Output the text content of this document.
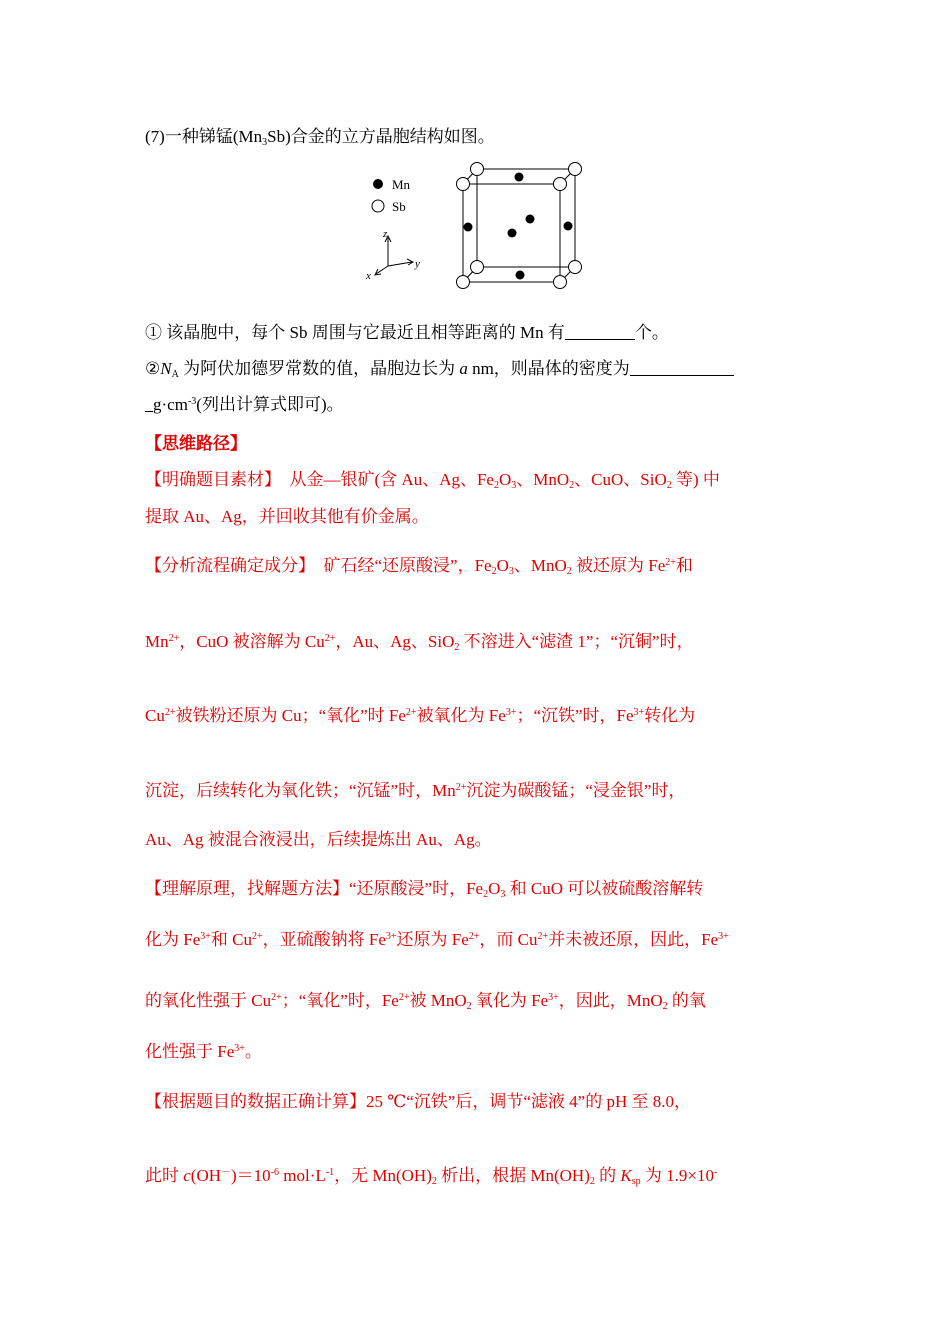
(7)一种锑锰$(Mn_3Sb)$合金的立方晶胞结构如图。
Mn
Sb
z
y
x
① 该晶胞中，每个 Sb 周围与它最近且相等距离的 Mn 有	个。
$②N_A$ 为阿伏加德罗常数的值，晶胞边长为 a nm，则晶体的密度为
$g\cdot cm^{-3}$(列出计算式即可)。
【思维路径】
【明确题目素材】　从金—银矿(含 Au、Ag、$Fe_2O_3$、MnO$_2$、CuO、SiO$_2$ 等) 中
提取 Au、Ag，并回收其他有价金属。
【分析流程确定成分】　矿石经“还原酸浸”，$Fe_2O_3$、MnO$_2$ 被还原为 $Fe^{2+}$和
$Mn^{2+}$，CuO 被溶解为 $Cu^{2+}$，Au、Ag、SiO$_2$ 不溶进入“滤渣 1”；“沉铜”时，
$Cu^{2+}$被铁粉还原为 Cu；“氧化”时 $Fe^{2+}$被氧化为 $Fe^{3+}$；“沉铁”时，$Fe^{3+}$转化为
沉淀，后续转化为氧化铁；“沉锰”时，$Mn^{2+}$沉淀为碳酸锰；“浸金银”时，
Au、Ag 被混合液浸出，后续提炼出 Au、Ag。
【理解原理，找解题方法】“还原酸浸”时，$Fe_2O_3$ 和 CuO 可以被硫酸溶解转
化为 $Fe^{3+}$和 $Cu^{2+}$，亚硫酸钠将 $Fe^{3+}$还原为 $Fe^{2+}$，而 $Cu^{2+}$并未被还原，因此，$Fe^{3+}$
的氧化性强于 $Cu^{2+}$；“氧化”时，$Fe^{2+}$被 MnO$_2$ 氧化为 $Fe^{3+}$，因此，MnO$_2$ 的氧
化性强于 $Fe^{3+}$。
【根据题目的数据正确计算】25 ℃“沉铁”后，调节“滤液 4”的 pH 至 8.0，
此时 $c(OH^-)=10^{-6}$ $mol\cdot L^{-1}$，无 $Mn(OH)_2$ 析出，根据 $Mn(OH)_2$ 的 $K_{sp}$ 为 1.9×10-
